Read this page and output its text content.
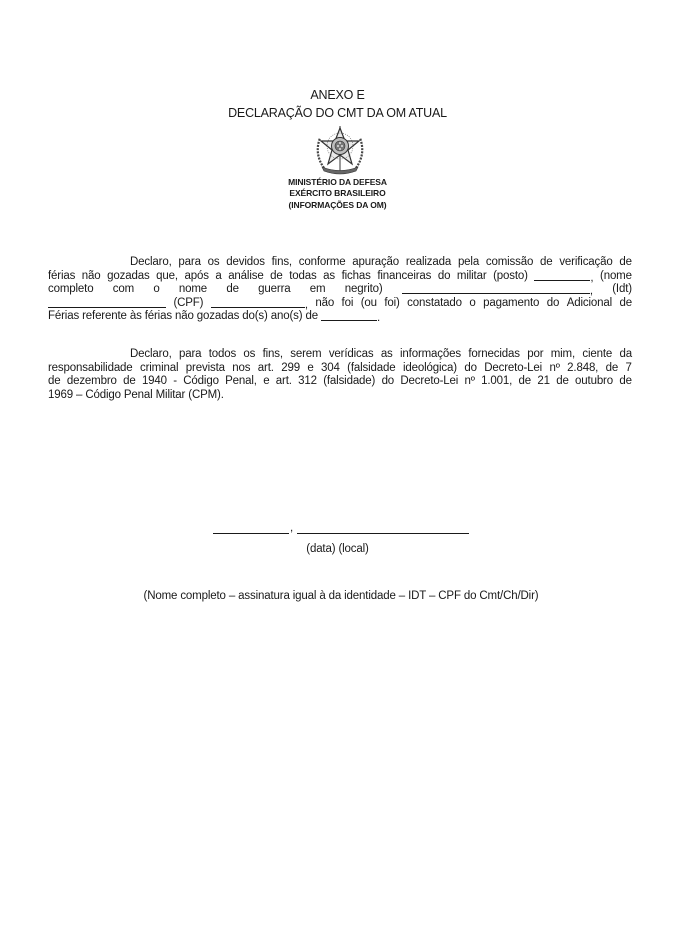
ANEXO E
DECLARAÇÃO DO CMT DA OM ATUAL
MINISTÉRIO DA DEFESA
EXÉRCITO BRASILEIRO
(INFORMAÇÕES DA OM)
Declaro, para os devidos fins, conforme apuração realizada pela comissão de verificação de
férias não gozadas que, após a análise de todas as fichas financeiras do militar (posto)	, (nome
completo com o nome de guerra em negrito)	, (Idt)
(CPF)	, não foi (ou foi) constatado o pagamento do Adicional de
Férias referente às férias não gozadas do(s) ano(s) de	.
Declaro, para todos os fins, serem verídicas as informações fornecidas por mim, ciente da
responsabilidade criminal prevista nos art. 299 e 304 (falsidade ideológica) do Decreto-Lei nº 2.848, de 7
de dezembro de 1940 - Código Penal, e art. 312 (falsidade) do Decreto-Lei nº 1.001, de 21 de outubro de
1969 – Código Penal Militar (CPM).
,
(data) (local)
(Nome completo – assinatura igual à da identidade – IDT – CPF do Cmt/Ch/Dir)
